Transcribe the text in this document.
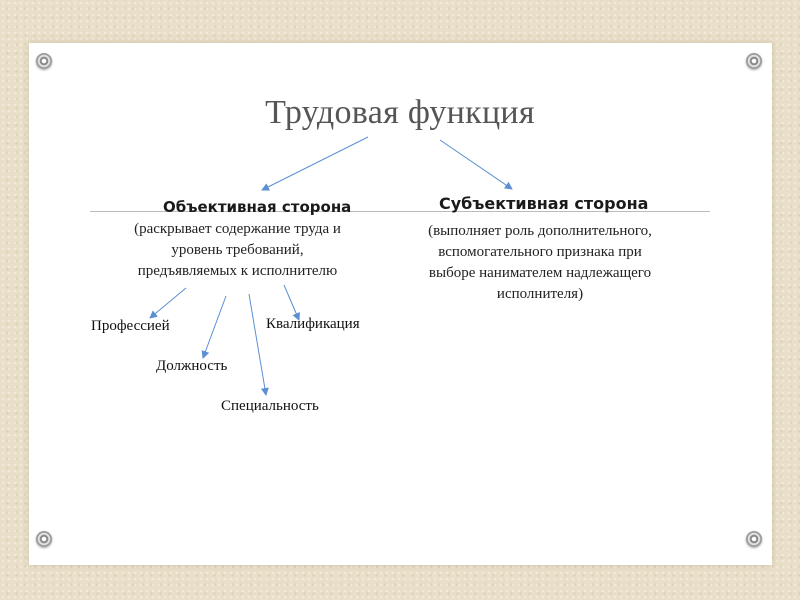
Трудовая функция
Объективная сторона
(раскрывает содержание труда и
уровень требований,
предъявляемых к исполнителю
Субъективная сторона
(выполняет роль дополнительного,
вспомогательного признака при
выборе нанимателем надлежащего
исполнителя)
Профессией	Квалификация
Должность
Специальность
